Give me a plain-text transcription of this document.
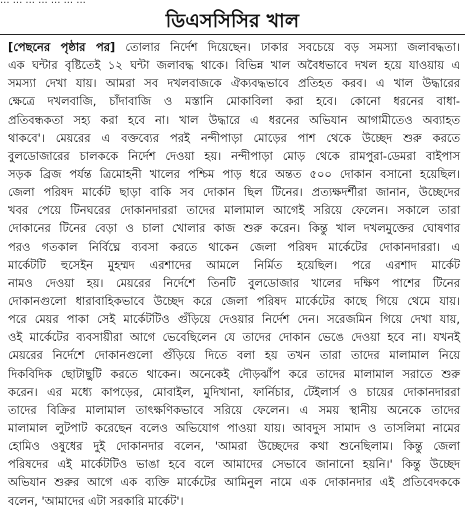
... ... ... ... ... ... ...
ডিএসসিসির খাল
[পেছনের পৃষ্ঠার পর] তোলার নির্দেশ দিয়েছেন। ঢাকার সবচেয়ে বড় সমস্যা জলাবদ্ধতা।
এক ঘন্টার বৃষ্টিতেই ১২ ঘন্টা জলাবদ্ধ থাকে। বিভিন্ন খাল অবৈধভাবে দখল হয়ে যাওয়ায় এ
সমস্যা দেখা যায়। আমরা সব দখলবাজকে ঐক্যবদ্ধভাবে প্রতিহত করব। এ খাল উদ্ধারের
ক্ষেত্রে দখলবাজি, চাঁদাবাজি ও মস্তানি মোকাবিলা করা হবে। কোনো ধরনের বাধা-
প্রতিবন্ধকতা সহ্য করা হবে না। খাল উদ্ধারে এ ধরনের অভিযান আগামীতেও অব্যাহত
থাকবে'। মেয়রের এ বক্তব্যের পরই নন্দীপাড়া মোড়ের পাশ থেকে উচ্ছেদ শুরু করতে
বুলডোজারের চালককে নির্দেশ দেওয়া হয়। নন্দীপাড়া মোড় থেকে রামপুরা-ডেমরা বাইপাস
সড়ক ব্রিজ পর্যন্ত ত্রিমোহনী খালের পশ্চিম পাড় ধরে অন্তত ৫০০ দোকান বসানো হয়েছিল।
জেলা পরিষদ মার্কেট ছাড়া বাকি সব দোকান ছিল টিনের। প্রত্যক্ষদর্শীরা জানান, উচ্ছেদের
খবর পেয়ে টিনঘরের দোকানদাররা তাদের মালামাল আগেই সরিয়ে ফেলেন। সকালে তারা
দোকানের টিনের বেড়া ও চালা খোলার কাজ শুরু করেন। কিন্তু খাল দখলমুক্তের ঘোষণার
পরও গতকাল নির্বিঘ্নে ব্যবসা করতে থাকেন জেলা পরিষদ মার্কেটের দোকানদাররা। এ
মার্কেটটি হুসেইন মুহম্মদ এরশাদের আমলে নির্মিত হয়েছিল। পরে এরশাদ মার্কেট
নামও দেওয়া হয়। মেয়রের নির্দেশে তিনটি বুলডোজার খালের দক্ষিণ পাশের টিনের
দোকানগুলো ধারাবাহিকভাবে উচ্ছেদ করে জেলা পরিষদ মার্কেটের কাছে গিয়ে থেমে যায়।
পরে মেয়র পাকা সেই মার্কেটটিও গুঁড়িয়ে দেওয়ার নির্দেশ দেন। সরেজমিন গিয়ে দেখা যায়,
ওই মার্কেটের ব্যবসায়ীরা আগে ভেবেছিলেন যে তাদের দোকান ভেঙে দেওয়া হবে না। যখনই
মেয়রের নির্দেশে দোকানগুলো গুঁড়িয়ে দিতে বলা হয় তখন তারা তাদের মালামাল নিয়ে
দিকবিদিক ছোটাছুটি করতে থাকেন। অনেকেই দৌড়ঝাঁপ করে তাদের মালামাল সরাতে শুরু
করেন। এর মধ্যে কাপড়ের, মোবাইল, মুদিখানা, ফার্নিচার, টেইলার্স ও চায়ের দোকানদাররা
তাদের বিক্রির মালামাল তাৎক্ষণিকভাবে সরিয়ে ফেলেন। এ সময় স্থানীয় অনেকে তাদের
মালামাল লুটপাট করেছেন বলেও অভিযোগ পাওয়া যায়। আবদুস সামাদ ও তাসলিমা নামের
হোমিও ওষুধের দুই দোকানদার বলেন, 'আমরা উচ্ছেদের কথা শুনেছিলাম। কিন্তু জেলা
পরিষদের এই মার্কেটটিও ভাঙা হবে বলে আমাদের সেভাবে জানানো হয়নি।' কিন্তু উচ্ছেদ
অভিযান শুরুর আগে এক ব্যক্তি মার্কেটের আমিনুল নামে এক দোকানদার এই প্রতিবেদককে
বলেন, 'আমাদের এটা সরকারি মার্কেট'।
